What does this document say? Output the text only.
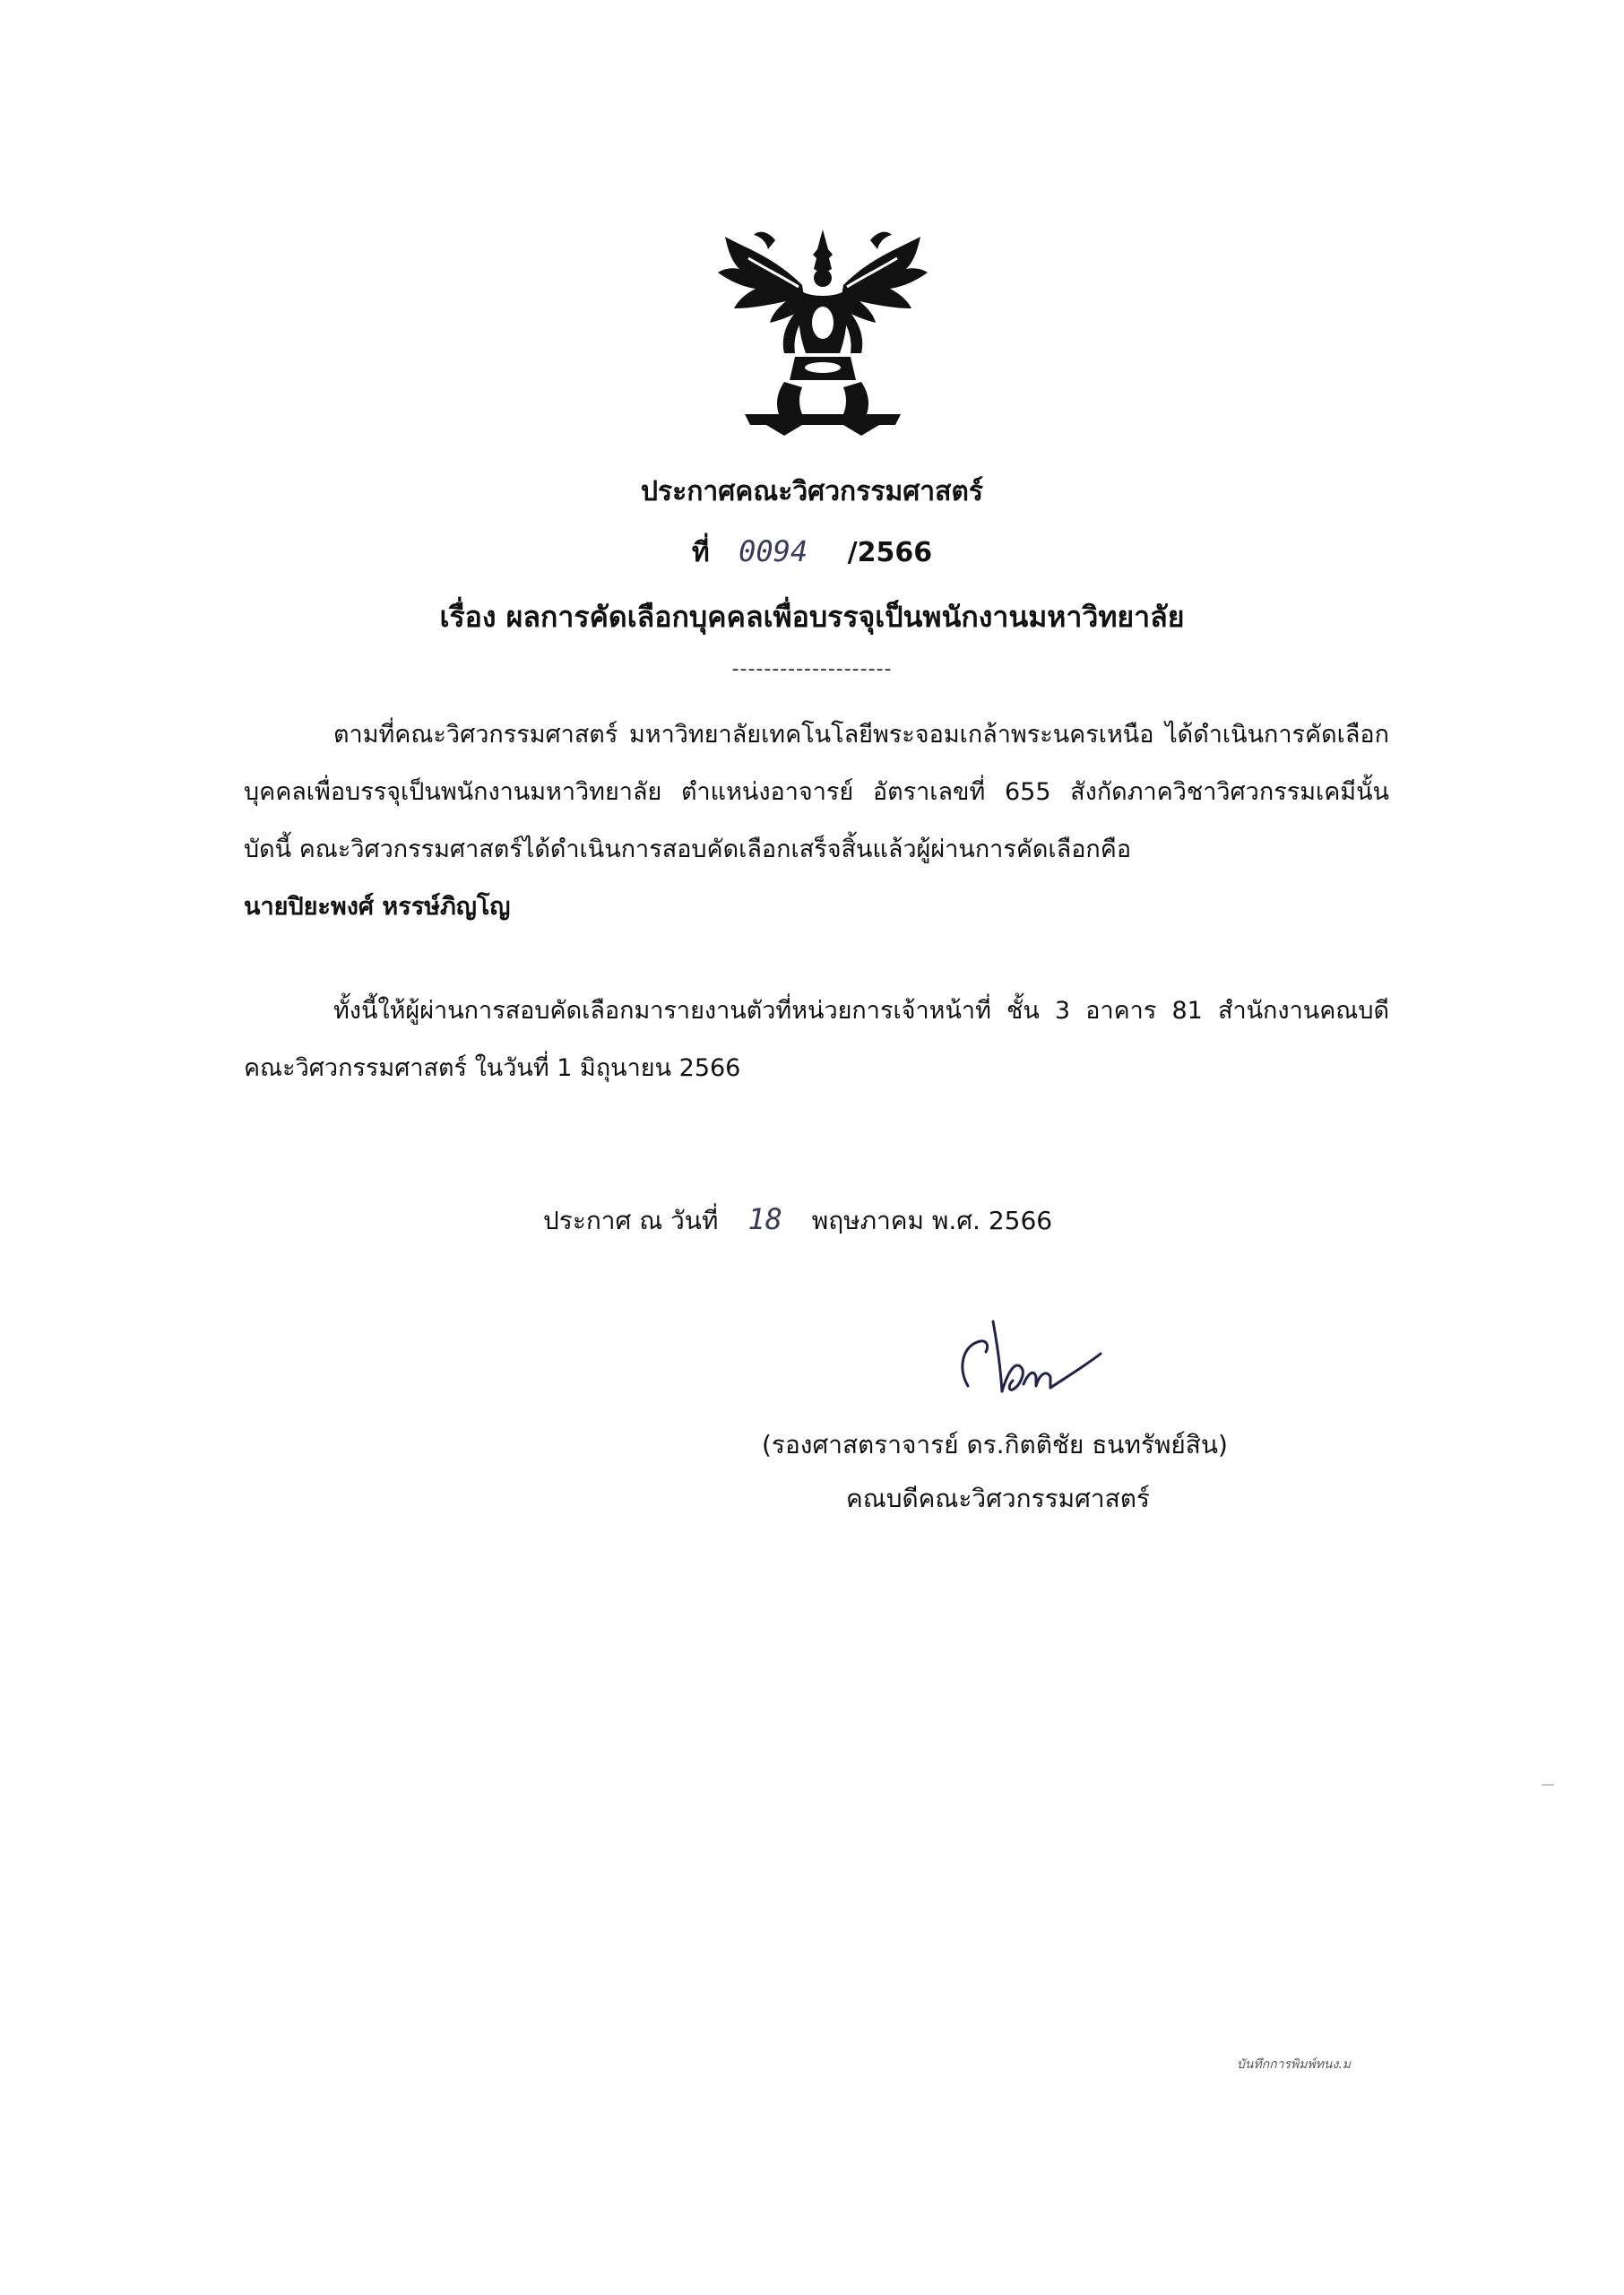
ประกาศคณะวิศวกรรมศาสตร์
ที่ 0094 /2566
เรื่อง ผลการคัดเลือกบุคคลเพื่อบรรจุเป็นพนักงานมหาวิทยาลัย
--------------------
ตามที่คณะวิศวกรรมศาสตร์ มหาวิทยาลัยเทคโนโลยีพระจอมเกล้าพระนครเหนือ ได้ดำเนินการคัดเลือกบุคคลเพื่อบรรจุเป็นพนักงานมหาวิทยาลัย ตำแหน่งอาจารย์ อัตราเลขที่ 655 สังกัดภาควิชาวิศวกรรมเคมีนั้น บัดนี้ คณะวิศวกรรมศาสตร์ได้ดำเนินการสอบคัดเลือกเสร็จสิ้นแล้วผู้ผ่านการคัดเลือกคือ
นายปิยะพงศ์ หรรษ์ภิญโญ
ทั้งนี้ให้ผู้ผ่านการสอบคัดเลือกมารายงานตัวที่หน่วยการเจ้าหน้าที่ ชั้น 3 อาคาร 81 สำนักงานคณบดี คณะวิศวกรรมศาสตร์ ในวันที่ 1 มิถุนายน 2566
ประกาศ ณ วันที่ 18 พฤษภาคม พ.ศ. 2566
(รองศาสตราจารย์ ดร.กิตติชัย ธนทรัพย์สิน)
คณบดีคณะวิศวกรรมศาสตร์
บันทึกการพิมพ์ทนง.ม
